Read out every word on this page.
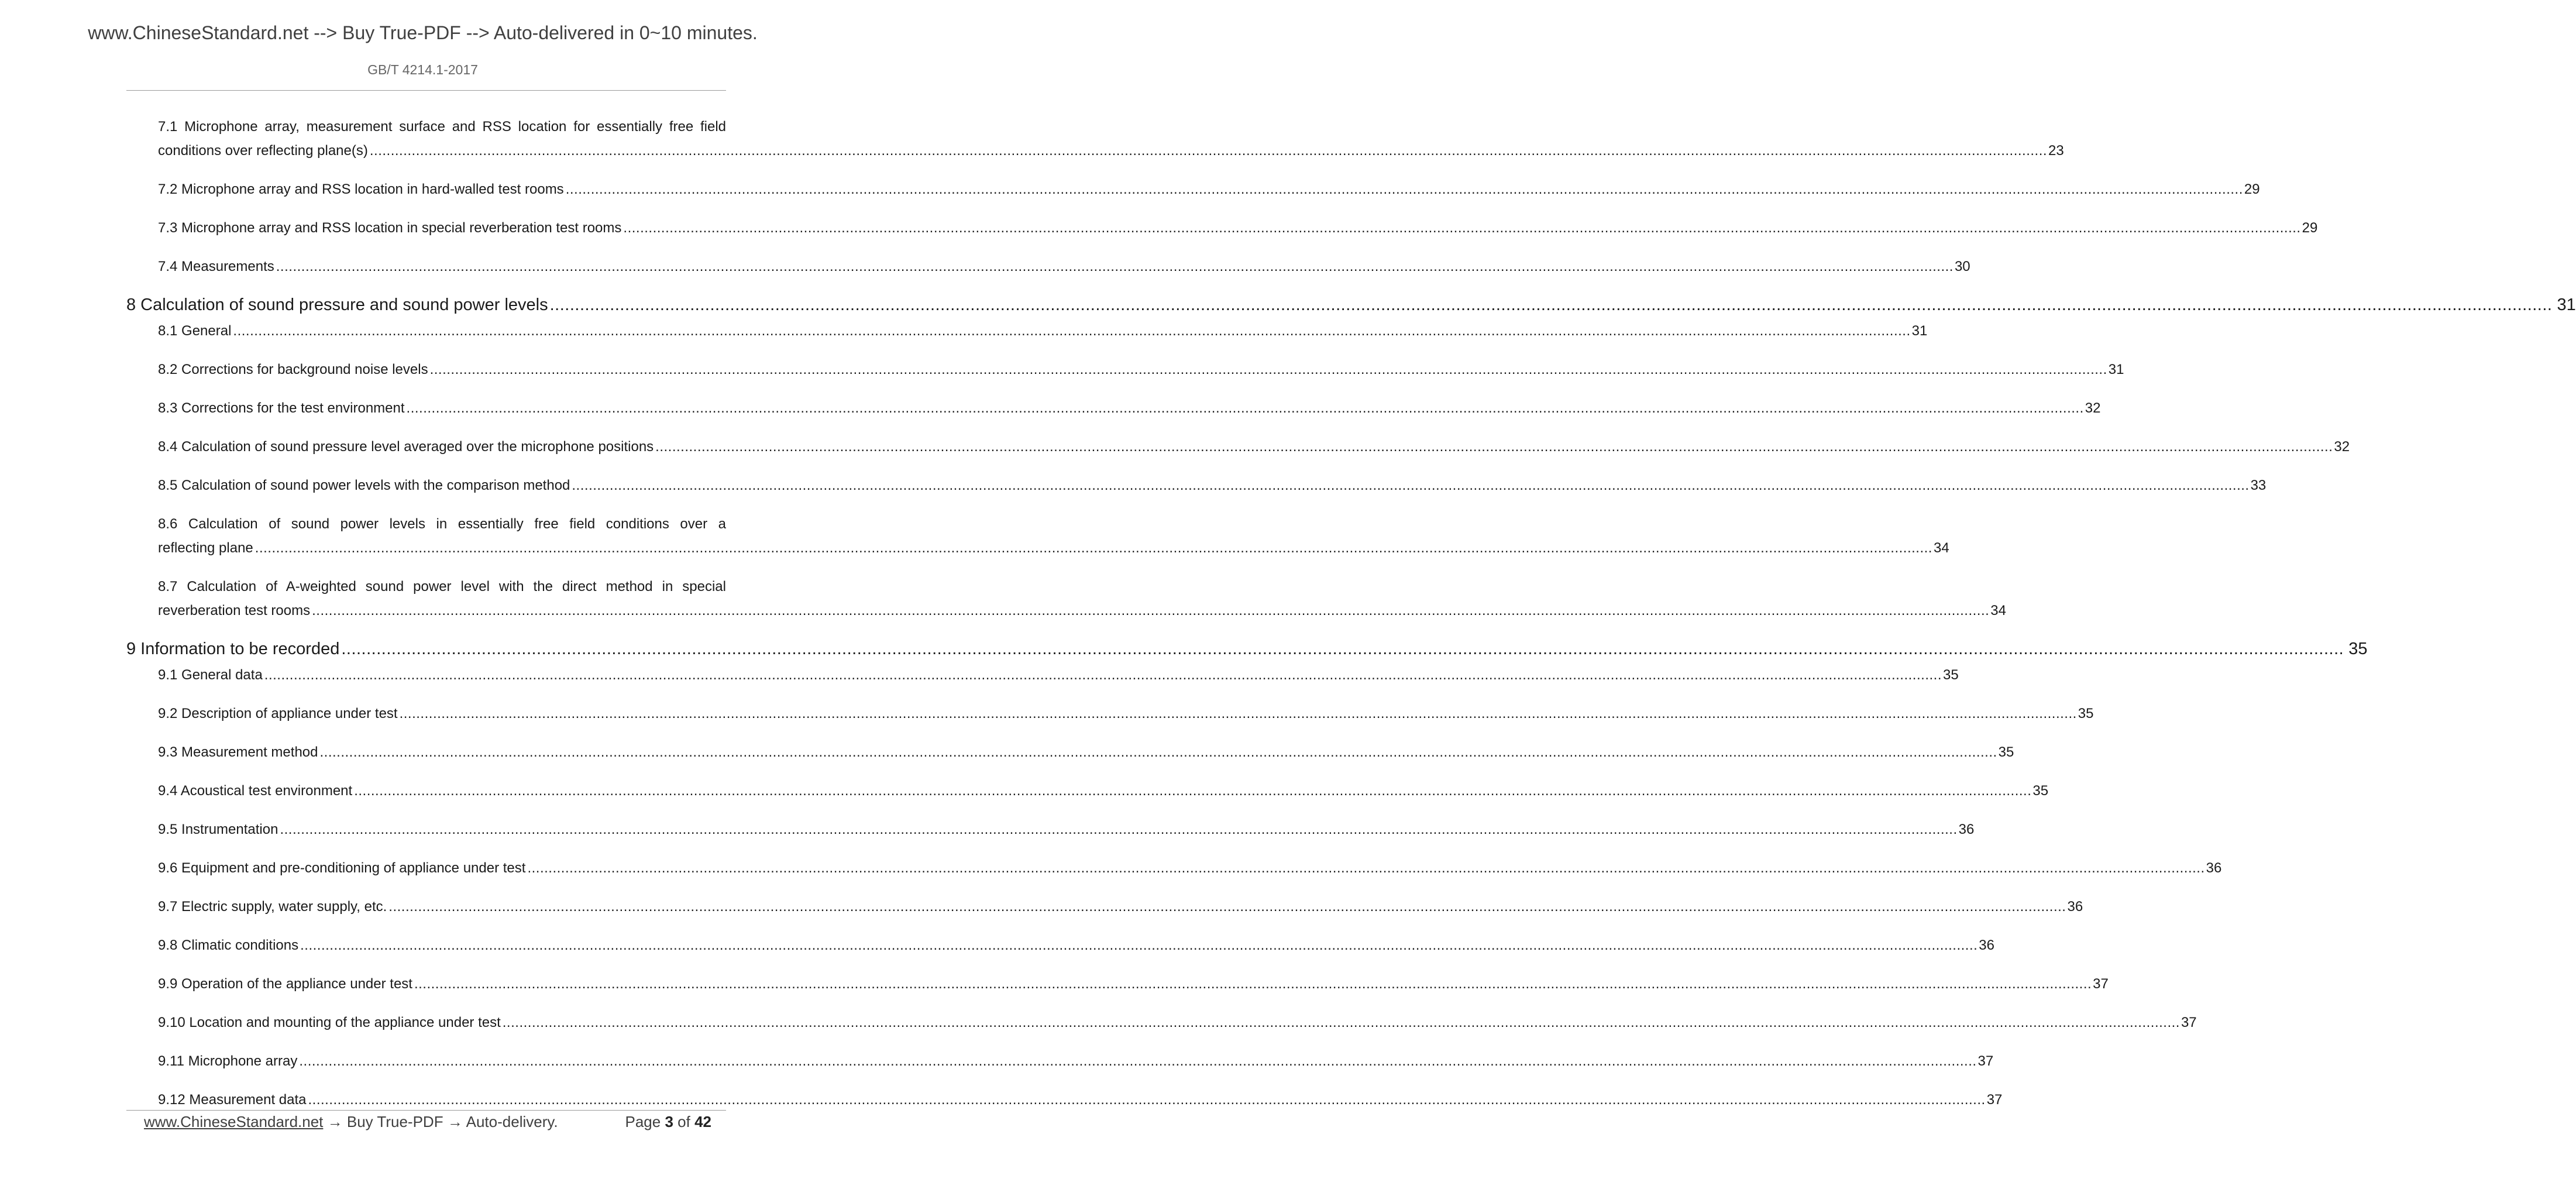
www.ChineseStandard.net --> Buy True-PDF --> Auto-delivered in 0~10 minutes.
GB/T 4214.1-2017
7.1 Microphone array, measurement surface and RSS location for essentially free field
conditions over reflecting plane(s) ................................................................................................................................................................................................................................................................................................................................................................................................................ 23
7.2 Microphone array and RSS location in hard-walled test rooms ................................................................................................................................................................................................................................................................................................................................................................................................................ 29
7.3 Microphone array and RSS location in special reverberation test rooms ................................................................................................................................................................................................................................................................................................................................................................................................................ 29
7.4 Measurements ................................................................................................................................................................................................................................................................................................................................................................................................................ 30
8 Calculation of sound pressure and sound power levels ................................................................................................................................................................................................................................................................................................................................................................................................................ 31
8.1 General ................................................................................................................................................................................................................................................................................................................................................................................................................ 31
8.2 Corrections for background noise levels ................................................................................................................................................................................................................................................................................................................................................................................................................ 31
8.3 Corrections for the test environment ................................................................................................................................................................................................................................................................................................................................................................................................................ 32
8.4 Calculation of sound pressure level averaged over the microphone positions ................................................................................................................................................................................................................................................................................................................................................................................................................ 32
8.5 Calculation of sound power levels with the comparison method ................................................................................................................................................................................................................................................................................................................................................................................................................ 33
8.6 Calculation of sound power levels in essentially free field conditions over a
reflecting plane ................................................................................................................................................................................................................................................................................................................................................................................................................ 34
8.7 Calculation of A-weighted sound power level with the direct method in special
reverberation test rooms ................................................................................................................................................................................................................................................................................................................................................................................................................ 34
9 Information to be recorded ................................................................................................................................................................................................................................................................................................................................................................................................................ 35
9.1 General data ................................................................................................................................................................................................................................................................................................................................................................................................................ 35
9.2 Description of appliance under test ................................................................................................................................................................................................................................................................................................................................................................................................................ 35
9.3 Measurement method ................................................................................................................................................................................................................................................................................................................................................................................................................ 35
9.4 Acoustical test environment ................................................................................................................................................................................................................................................................................................................................................................................................................ 35
9.5 Instrumentation ................................................................................................................................................................................................................................................................................................................................................................................................................ 36
9.6 Equipment and pre-conditioning of appliance under test ................................................................................................................................................................................................................................................................................................................................................................................................................ 36
9.7 Electric supply, water supply, etc. ................................................................................................................................................................................................................................................................................................................................................................................................................ 36
9.8 Climatic conditions ................................................................................................................................................................................................................................................................................................................................................................................................................ 36
9.9 Operation of the appliance under test ................................................................................................................................................................................................................................................................................................................................................................................................................ 37
9.10 Location and mounting of the appliance under test ................................................................................................................................................................................................................................................................................................................................................................................................................ 37
9.11 Microphone array ................................................................................................................................................................................................................................................................................................................................................................................................................ 37
9.12 Measurement data ................................................................................................................................................................................................................................................................................................................................................................................................................ 37
www.ChineseStandard.net → Buy True-PDF → Auto-delivery.	Page 3 of 42
